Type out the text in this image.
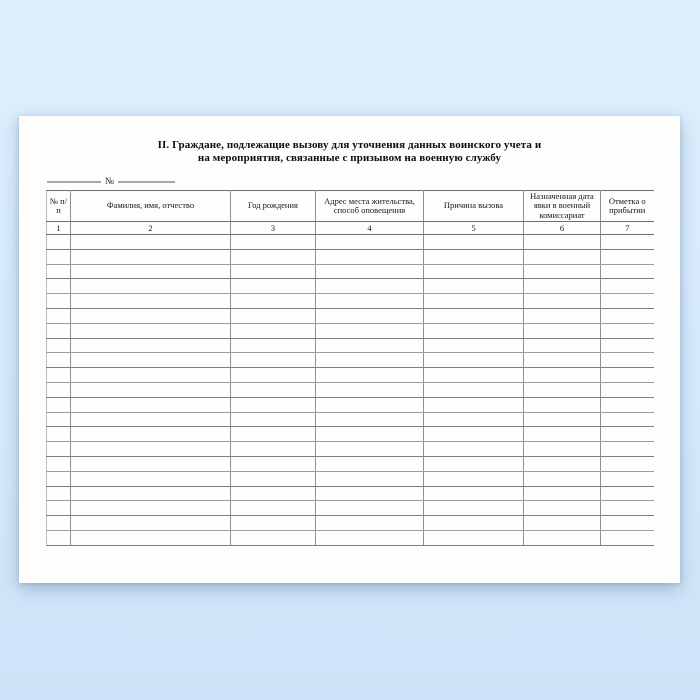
II. Граждане, подлежащие вызову для уточнения данных воинского учета и
на мероприятия, связанные с призывом на военную службу
№
№ п/п	Фамилия, имя, отчество	Год рождения	Адрес места жительства, способ оповещения	Причина вызова	Назначенная дата явки в военный комиссариат	Отметка о прибытии
1	2	3	4	5	6	7
